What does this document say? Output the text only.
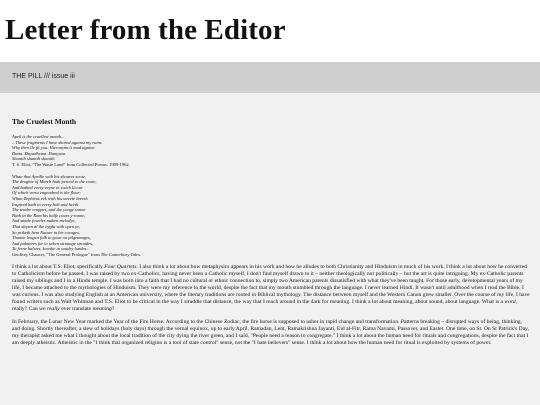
Letter from the Editor
THE PILL /// issue iii
The Cruelest Month
April is the cruellest month...
...These fragments I have shored against my ruins
Why then Ile fit you. Hieronymo's mad againe.
Datta. Dayadhvam. Damyata.
Shantih shantih shantih
T. S. Eliot, "The Waste Land" from Collected Poems: 1909-1962.
Whan that Aprille with his shoures soote,
The droghte of March hath perced to the roote,
And bathed every veyne in swich licour
Of which vertu engendred is the flour;
Whan Zephirus eek with his sweete breeth
Inspired hath in every holt and heeth
The tendre croppes, and the yonge sonne
Hath in the Ram his halfe cours y-ronne,
And smale foweles maken melodye,
That slepen al the nyght with open ye,
So priketh hem Nature in hir corages,
Thanne longen folk to goon on pilgrimages,
And palmeres for to seken straunge strondes,
To ferne halwes, kowthe in sondry londes...
Geoffrey Chaucer, "The General Prologue" from The Canterbury Tales.

I think a lot about T.S. Eliot, specifically Four Quartets. I also think a lot about how metaphysics appears in his work and how he alludes to both Christianity and Hinduism in much of his work. I think a lot about how he converted to Catholicism before he passed. I was raised by two ex-Catholics, having never been a Catholic myself. I don't find myself drawn to it – neither theologically nor politically – but the art is quite intriguing. My ex-Catholic parents raised my siblings and I in a Hindu temple. I was born into a faith that I had no cultural or ethnic connection to, simply two American parents dissatisfied with what they've been taught. For those early, developmental years of my life, I became attached to the mythologies of Hinduism. They were my reference to the world, despite the fact that my mouth stumbled through the language. I never learned Hindi. It wasn't until adulthood when I read the Bible. I was curious. I was also studying English at an American university, where the literary traditions are rooted in Biblical mythology. The distance between myself and the Western Canon grew smaller. Over the course of my life, I have found writers such as Walt Whitman and T.S. Eliot to be critical in the way I straddle that distance, the way that I reach around in the dark for meaning. I think a lot about meaning, about sound, about language. What is a word, really? Can we really ever translate meaning?

In February, the Lunar New Year marked the Year of the Fire Horse. According to the Chinese Zodiac, the fire horse is supposed to usher in rapid change and transformation. Patterns breaking – disrupted ways of being, thinking, and doing. Shortly thereafter, a slew of holidays (holy days) through the vernal equinox, up to early April. Ramadan, Lent, Ramakrishna Jayanti, Eid al-Fitr, Rama Navami, Passover, and Easter. One time, on St. On St Patrick's Day, my therapist asked me what I thought about the local tradition of the city dying the river green, and I said, "People need a reason to congregate." I think a lot about the human need for rituals and congregations, despite the fact that I am deeply atheistic. Atheistic in the "I think that organized religion is a tool of state control" sense, not the "I hate believers" sense. I think a lot about how the human need for ritual is exploited by systems of power.
